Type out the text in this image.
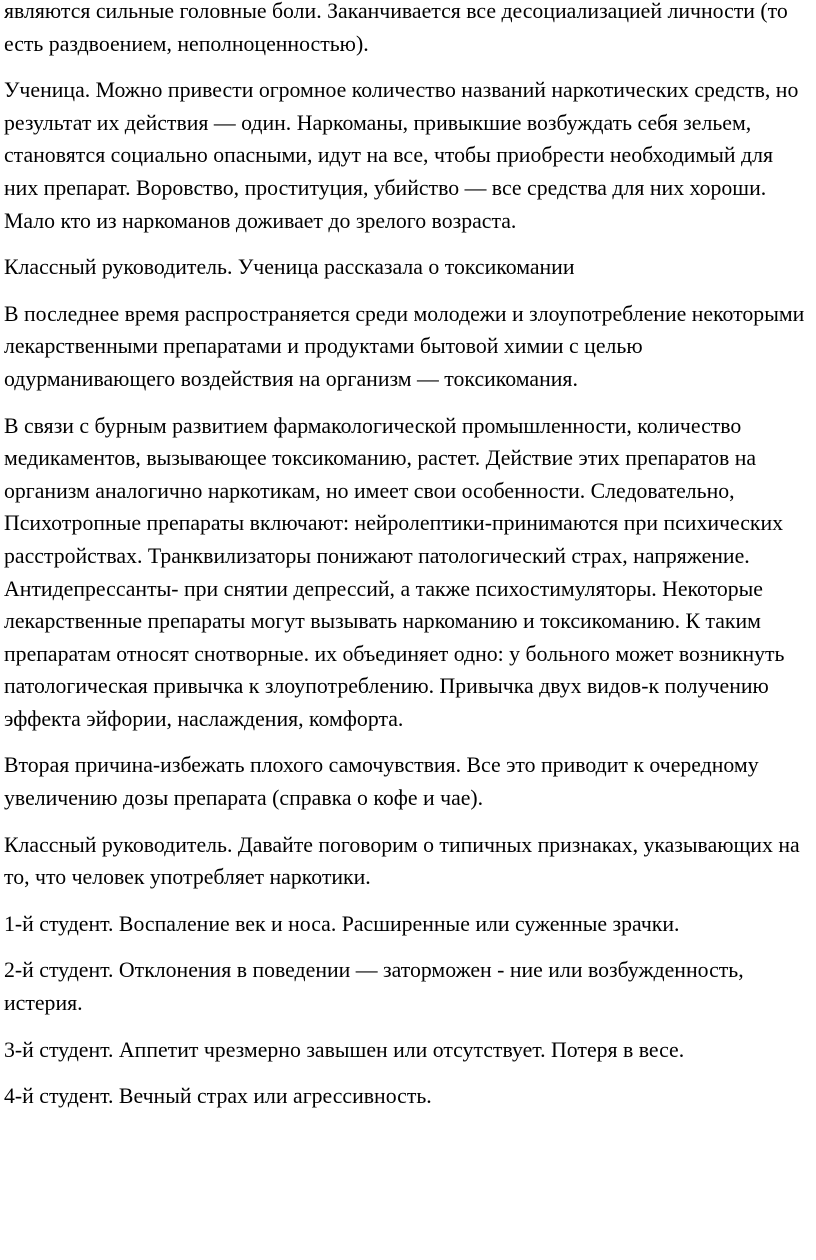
являются сильные головные боли. Заканчивается все десоциализацией личности (то есть раздвоением, неполноценностью).

Ученица. Можно привести огромное количество названий наркотических средств, но результат их действия — один. Наркоманы, привыкшие возбуждать себя зельем, становятся социально опасными, идут на все, чтобы приобрести необходимый для них препарат. Воровство, проституция, убийство — все средства для них хороши. Мало кто из наркоманов доживает до зрелого возраста.

Классный руководитель. Ученица рассказала о токсикомании

В последнее время распространяется среди молодежи и злоупотребление некоторыми лекарственными препаратами и продуктами бытовой химии с целью одурманивающего воздействия на организм — токсикомания.

В связи с бурным развитием фармакологической промышленности, количество медикаментов, вызывающее токсикоманию, растет. Действие этих препаратов на организм аналогично наркотикам, но имеет свои особенности. Следовательно, Психотропные препараты включают: нейролептики-принимаются при психических расстройствах. Транквилизаторы понижают патологический страх, напряжение. Антидепрессанты- при снятии депрессий, а также психостимуляторы. Некоторые лекарственные препараты могут вызывать наркоманию и токсикоманию. К таким препаратам относят снотворные. их объединяет одно: у больного может возникнуть патологическая привычка к злоупотреблению. Привычка двух видов-к получению эффекта эйфории, наслаждения, комфорта.

Вторая причина-избежать плохого самочувствия. Все это приводит к очередному увеличению дозы препарата (справка о кофе и чае).

Классный руководитель. Давайте поговорим о типичных признаках, указывающих на то, что человек употребляет наркотики.

1-й студент. Воспаление век и носа. Расширенные или суженные зрачки.

2-й студент. Отклонения в поведении — заторможен - ние или возбужденность, истерия.

3-й студент. Аппетит чрезмерно завышен или отсутствует. Потеря в весе.

4-й студент. Вечный страх или агрессивность.
